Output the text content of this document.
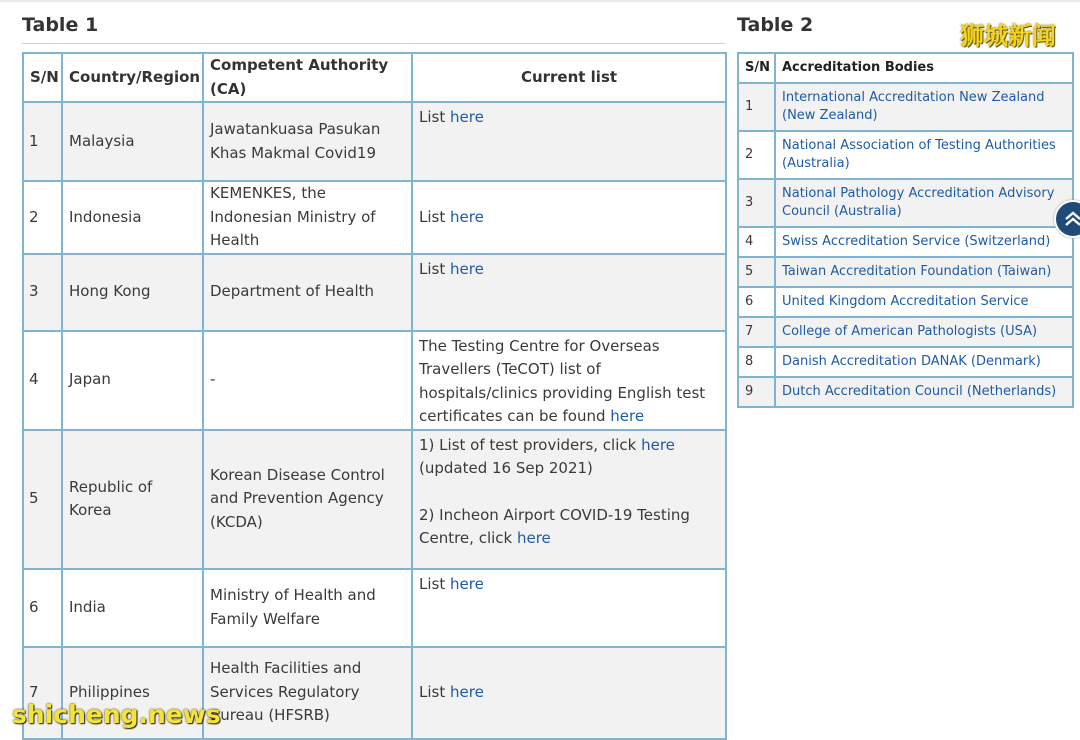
Table 1	Table 2	狮城新闻
S/N	Country/Region	Competent Authority (CA)	Current list
1	Malaysia	Jawatankuasa Pasukan Khas Makmal Covid19	List here
2	Indonesia	KEMENKES, the Indonesian Ministry of Health	List here
3	Hong Kong	Department of Health	List here
4	Japan	-	The Testing Centre for Overseas Travellers (TeCOT) list of hospitals/clinics providing English test certificates can be found here
5	Republic of Korea	Korean Disease Control and Prevention Agency (KCDA)	1) List of test providers, click here (updated 16 Sep 2021)
2) Incheon Airport COVID-19 Testing Centre, click here

6	India	Ministry of Health and Family Welfare	List here
7	Philippines	Health Facilities and Services Regulatory Bureau (HFSRB)	List here
S/N	Accreditation Bodies
1	International Accreditation New Zealand (New Zealand)
2	National Association of Testing Authorities (Australia)
3	National Pathology Accreditation Advisory Council (Australia)
4	Swiss Accreditation Service (Switzerland)
5	Taiwan Accreditation Foundation (Taiwan)
6	United Kingdom Accreditation Service
7	College of American Pathologists (USA)
8	Danish Accreditation DANAK (Denmark)
9	Dutch Accreditation Council (Netherlands)
shicheng.news
